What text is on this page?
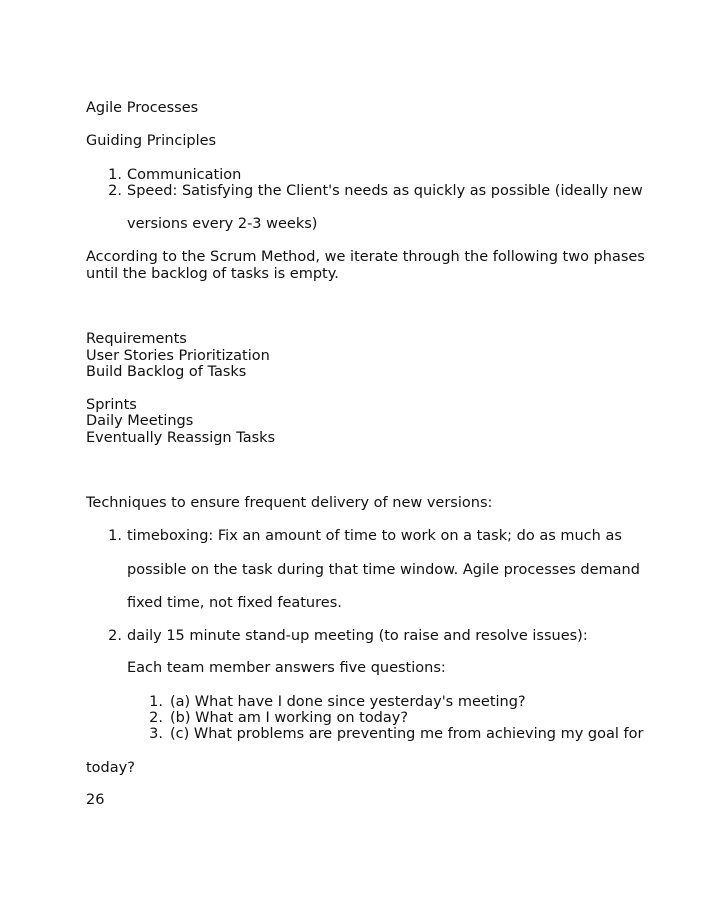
Agile Processes
Guiding Principles
1. Communication
2. Speed: Satisfying the Client's needs as quickly as possible (ideally new
versions every 2-3 weeks)
According to the Scrum Method, we iterate through the following two phases
until the backlog of tasks is empty.
Requirements
User Stories Prioritization
Build Backlog of Tasks
Sprints
Daily Meetings
Eventually Reassign Tasks
Techniques to ensure frequent delivery of new versions:
1. timeboxing: Fix an amount of time to work on a task; do as much as
possible on the task during that time window. Agile processes demand
fixed time, not fixed features.
2. daily 15 minute stand-up meeting (to raise and resolve issues):
Each team member answers five questions:
1. (a) What have I done since yesterday's meeting?
2. (b) What am I working on today?
3. (c) What problems are preventing me from achieving my goal for
today?
26
